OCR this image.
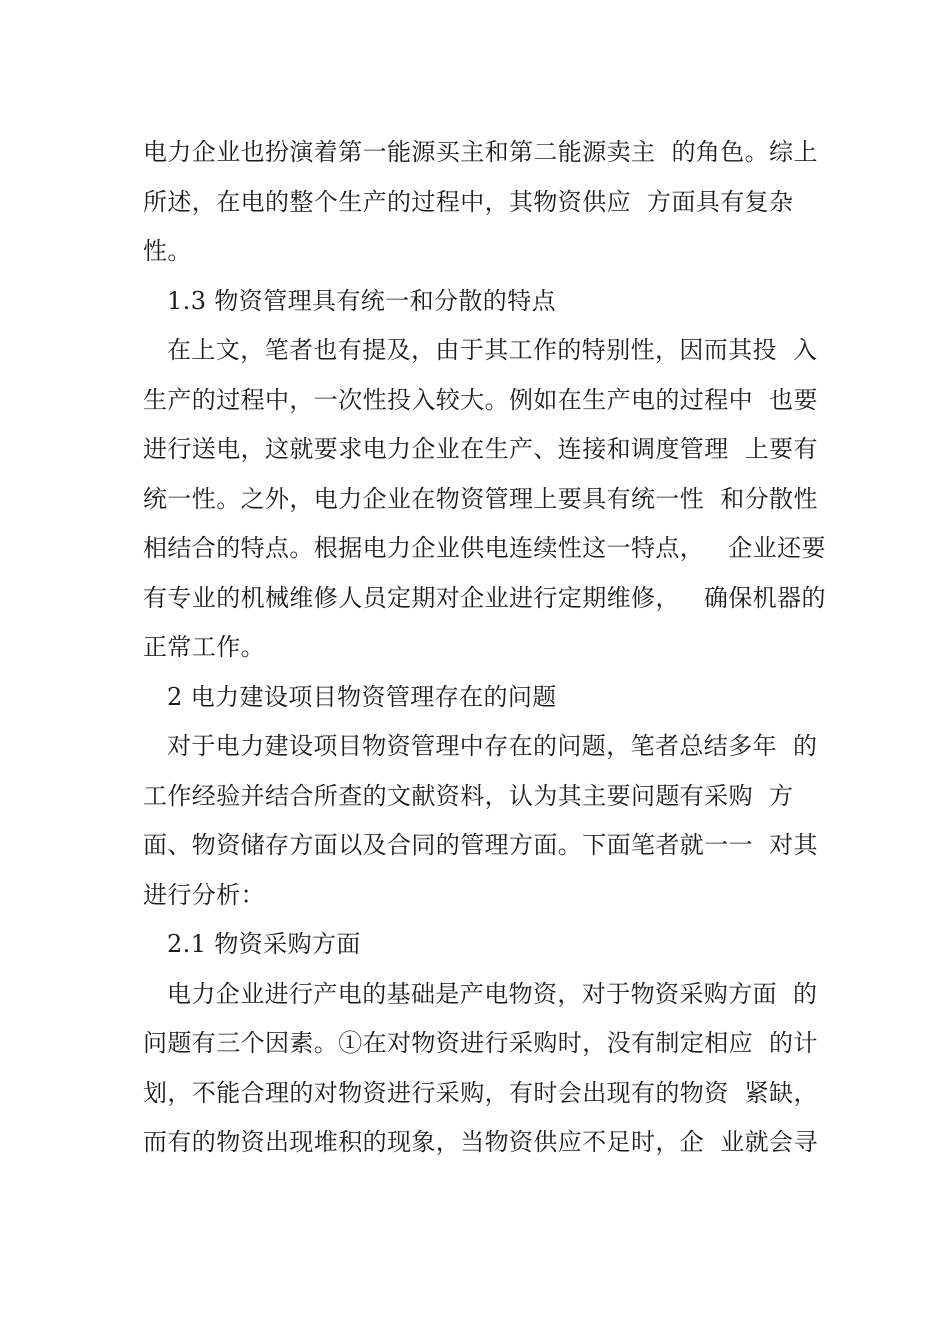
电力企业也扮演着第一能源买主和第二能源卖主  的角色。综上
所述，在电的整个生产的过程中，其物资供应  方面具有复杂
性。
1.3 物资管理具有统一和分散的特点
在上文，笔者也有提及，由于其工作的特别性，因而其投  入
生产的过程中，一次性投入较大。例如在生产电的过程中  也要
进行送电，这就要求电力企业在生产、连接和调度管理  上要有
统一性。之外，电力企业在物资管理上要具有统一性  和分散性
相结合的特点。根据电力企业供电连续性这一特点，   企业还要
有专业的机械维修人员定期对企业进行定期维修，   确保机器的
正常工作。
2 电力建设项目物资管理存在的问题
对于电力建设项目物资管理中存在的问题，笔者总结多年  的
工作经验并结合所查的文献资料，认为其主要问题有采购  方
面、物资储存方面以及合同的管理方面。下面笔者就一一  对其
进行分析：
2.1 物资采购方面
电力企业进行产电的基础是产电物资，对于物资采购方面  的
问题有三个因素。①在对物资进行采购时，没有制定相应  的计
划，不能合理的对物资进行采购，有时会出现有的物资  紧缺，
而有的物资出现堆积的现象，当物资供应不足时，企  业就会寻
